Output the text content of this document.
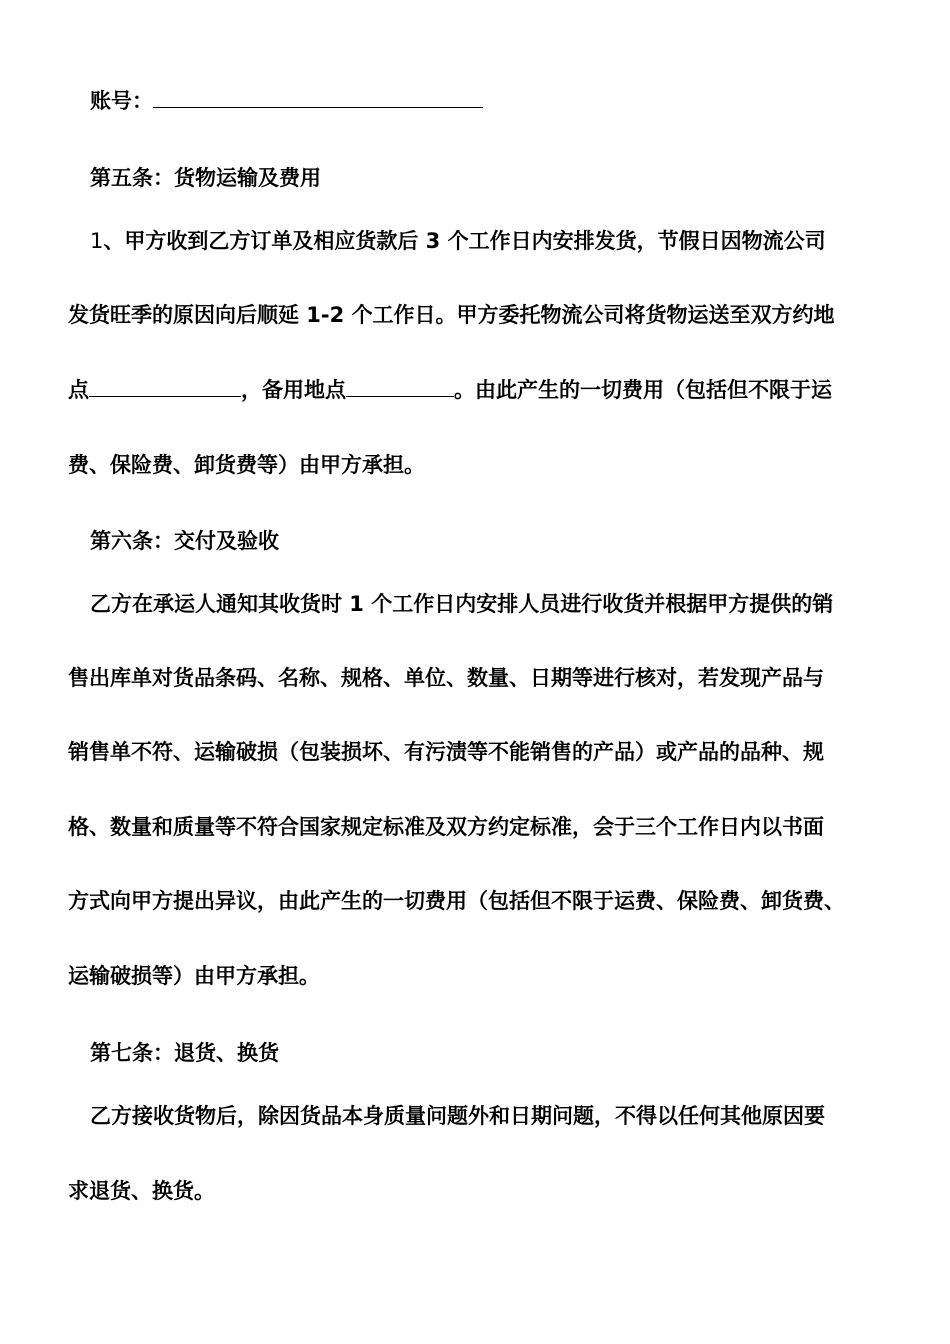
账号：
第五条：货物运输及费用
1、甲方收到乙方订单及相应货款后 3 个工作日内安排发货，节假日因物流公司
发货旺季的原因向后顺延 1-2 个工作日。甲方委托物流公司将货物运送至双方约地
点	，备用地点	。由此产生的一切费用（包括但不限于运
费、保险费、卸货费等）由甲方承担。
第六条：交付及验收
乙方在承运人通知其收货时 1 个工作日内安排人员进行收货并根据甲方提供的销
售出库单对货品条码、名称、规格、单位、数量、日期等进行核对，若发现产品与
销售单不符、运输破损（包装损坏、有污渍等不能销售的产品）或产品的品种、规
格、数量和质量等不符合国家规定标准及双方约定标准，会于三个工作日内以书面
方式向甲方提出异议，由此产生的一切费用（包括但不限于运费、保险费、卸货费、
运输破损等）由甲方承担。
第七条：退货、换货
乙方接收货物后，除因货品本身质量问题外和日期问题，不得以任何其他原因要
求退货、换货。
